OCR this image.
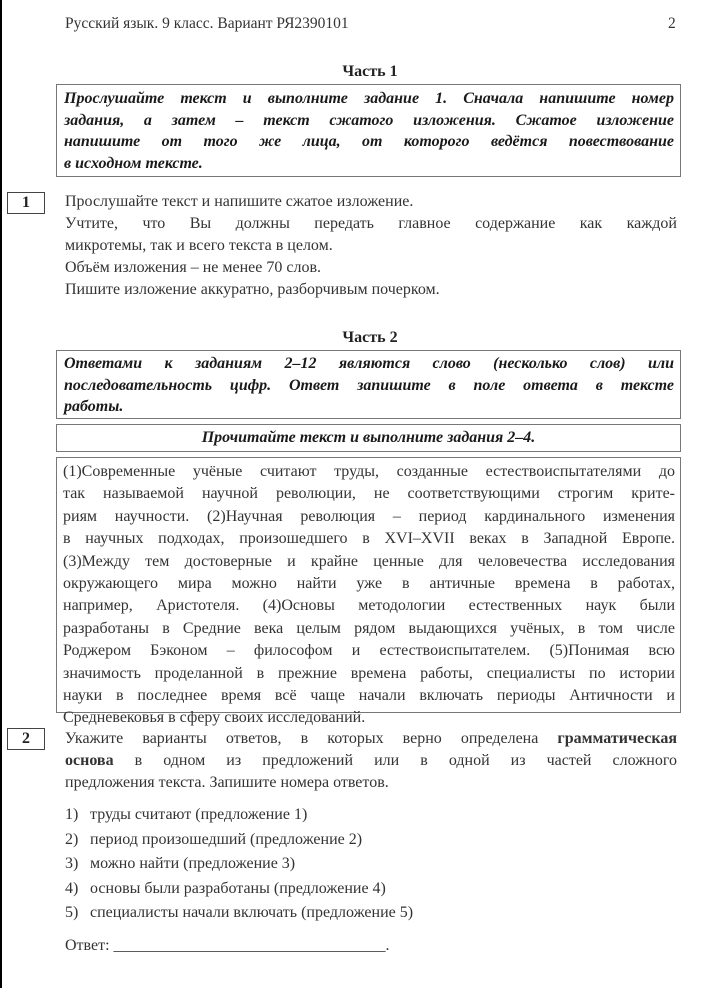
Русский язык. 9 класс. Вариант РЯ2390101	2
Часть 1
Прослушайте текст и выполните задание 1. Сначала напишите номер
задания, а затем – текст сжатого изложения. Сжатое изложение
напишите от того же лица, от которого ведётся повествование
в исходном тексте.
1	Прослушайте текст и напишите сжатое изложение.
Учтите, что Вы должны передать главное содержание как каждой
микротемы, так и всего текста в целом.
Объём изложения – не менее 70 слов.
Пишите изложение аккуратно, разборчивым почерком.
Часть 2
Ответами к заданиям 2–12 являются слово (несколько слов) или
последовательность цифр. Ответ запишите в поле ответа в тексте
работы.
Прочитайте текст и выполните задания 2–4.
(1)Современные учёные считают труды, созданные естествоиспытателями до
так называемой научной революции, не соответствующими строгим крите-
риям научности. (2)Научная революция – период кардинального изменения
в научных подходах, произошедшего в XVI–XVII веках в Западной Европе.
(3)Между тем достоверные и крайне ценные для человечества исследования
окружающего мира можно найти уже в античные времена в работах,
например, Аристотеля. (4)Основы методологии естественных наук были
разработаны в Средние века целым рядом выдающихся учёных, в том числе
Роджером Бэконом – философом и естествоиспытателем. (5)Понимая всю
значимость проделанной в прежние времена работы, специалисты по истории
науки в последнее время всё чаще начали включать периоды Античности и
Средневековья в сферу своих исследований.
2	Укажите варианты ответов, в которых верно определена грамматическая
основа в одном из предложений или в одной из частей сложного
предложения текста. Запишите номера ответов.
1) труды считают (предложение 1)
2) период произошедший (предложение 2)
3) можно найти (предложение 3)
4) основы были разработаны (предложение 4)
5) специалисты начали включать (предложение 5)
Ответ: __________________________________.
